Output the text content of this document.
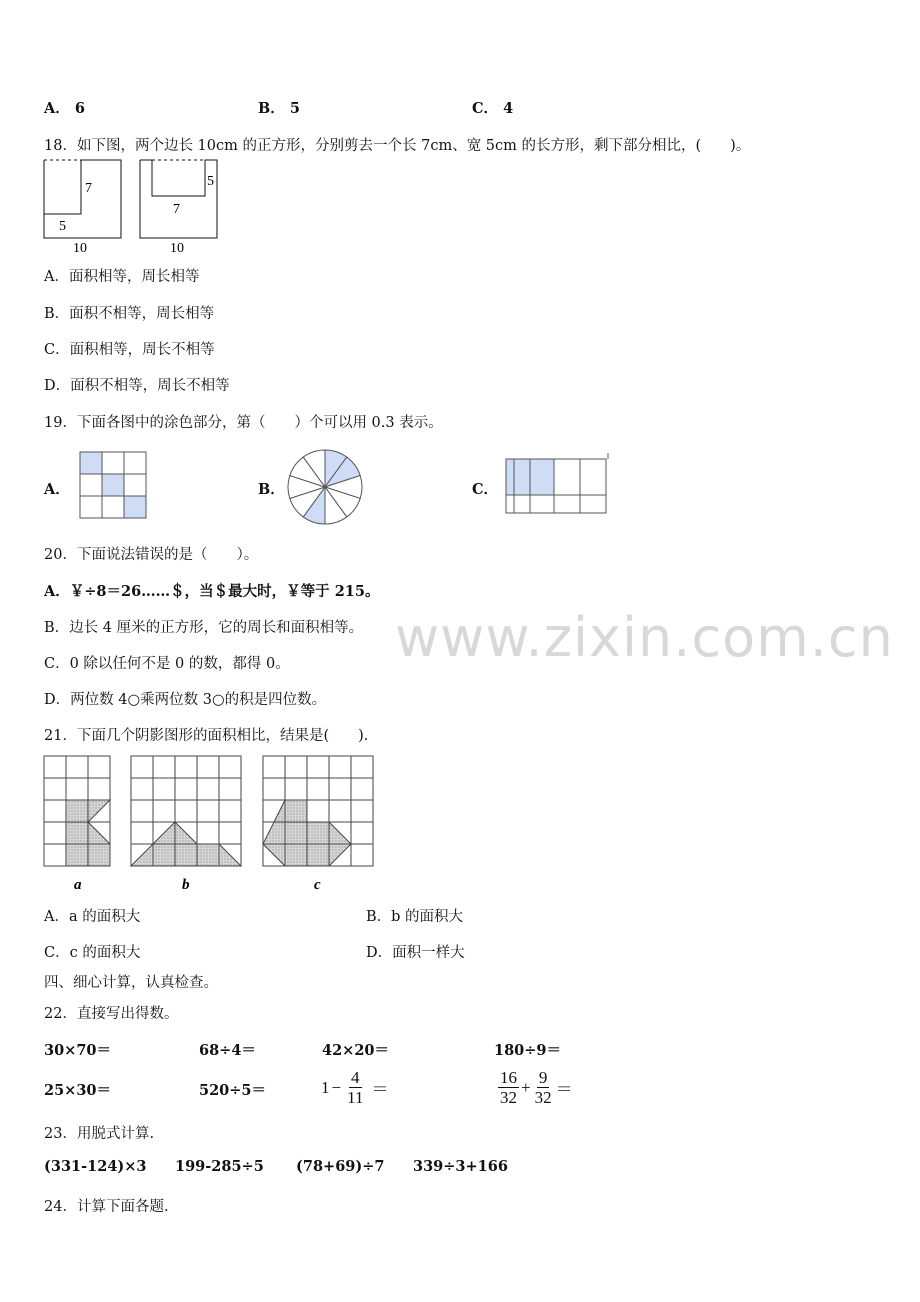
www.zixin.com.cn
A． 6	B． 5	C． 4
18．如下图，两个边长 10cm 的正方形，分别剪去一个长 7cm、宽 5cm 的长方形，剩下部分相比，(　　)。
7
5
10
5
7
10
A．面积相等，周长相等
B．面积不相等，周长相等
C．面积相等，周长不相等
D．面积不相等，周长不相等
19．下面各图中的涂色部分，第（　　）个可以用 0.3 表示。
A．	B．	C．
20．下面说法错误的是（　　）。
A．￥÷8＝26……＄，当＄最大时，￥等于 215。
B．边长 4 厘米的正方形，它的周长和面积相等。
C．0 除以任何不是 0 的数，都得 0。
D．两位数 4○乘两位数 3○的积是四位数。
21．下面几个阴影图形的面积相比，结果是(　　).
a	b	c
A．a 的面积大	B．b 的面积大
C．c 的面积大	D．面积一样大
四、细心计算，认真检查。
22．直接写出得数。
30×70＝	68÷4＝	42×20＝	180÷9＝
25×30＝	520÷5＝	$1 - \frac{4}{11}$ ＝	$\frac{16}{32} + \frac{9}{32}$ ＝
23．用脱式计算.
(331-124)×3 199-285÷5 (78+69)÷7 339÷3+166
24．计算下面各题.
